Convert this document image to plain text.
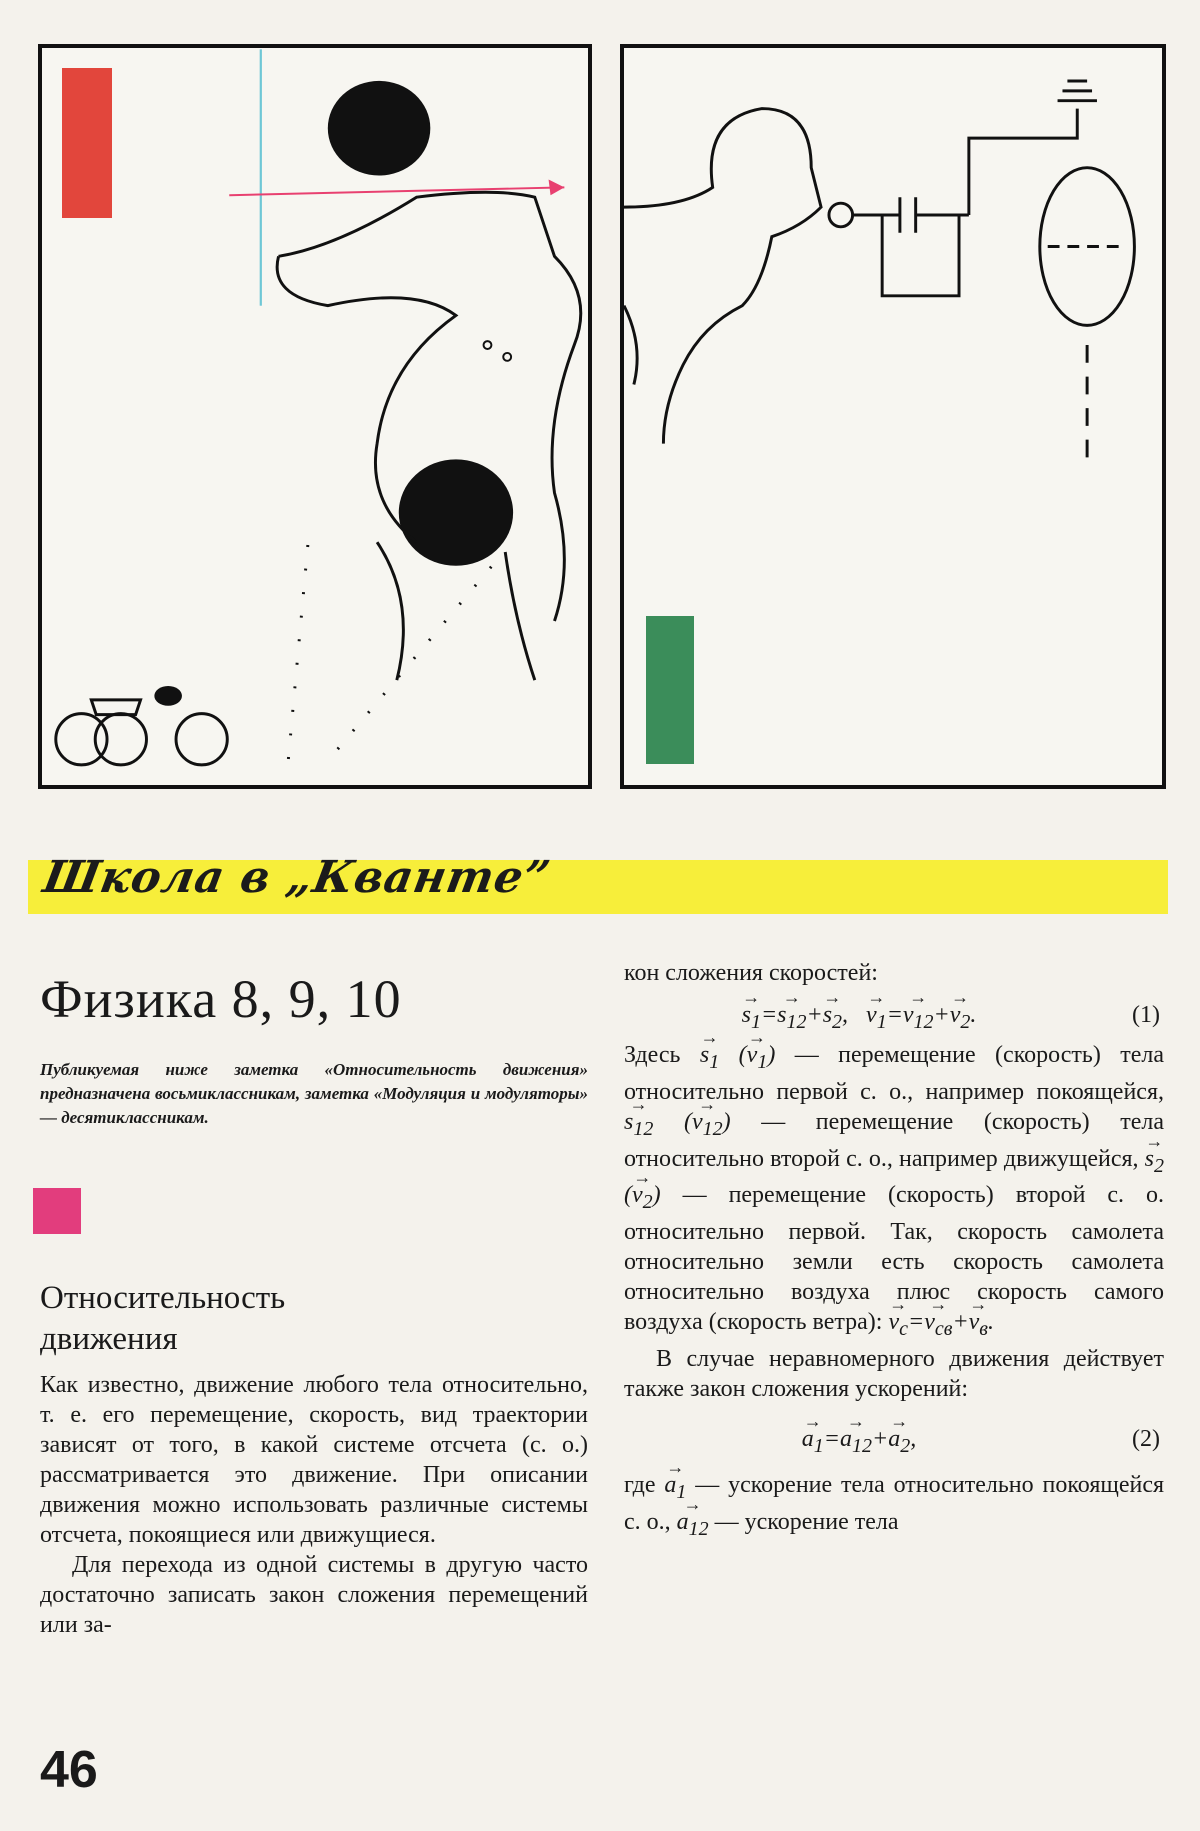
Школа в „Кванте”
Физика 8, 9, 10
Публикуемая ниже заметка «Относительность движения» предназначена восьмиклассникам, заметка «Модуляция и модуляторы» — десятиклассникам.
Относительность
движения

Как известно, движение любого тела относительно, т. е. его перемещение, скорость, вид траектории зависят от того, в какой системе отсчета (с. о.) рассматривается это движение. При описании движения можно использовать различные системы отсчета, покоящиеся или движущиеся.

Для перехода из одной системы в другую часто достаточно записать закон сложения перемещений или за-

кон сложения скоростей:

→ $s_1=\to s_{12}+\to s_2$,   → $v_1=\to v_{12}+\to v_2$.	(1)

Здесь → $s_1$ (→ $v_1$) — перемещение (скорость) тела относительно первой с. о., например покоящейся, → $s_{12}$ (→ $v_{12}$) — перемещение (скорость) тела относительно второй с. о., например движущейся, → $s_2$ (→ $v_2$) — перемещение (скорость) второй с. о. относительно первой. Так, скорость самолета относительно земли есть скорость самолета относительно воздуха плюс скорость самого воздуха (скорость ветра): → $v_с=\to v_{св}+\to v_в$.

В случае неравномерного движения действует также закон сложения ускорений:

→ $a_1=\to a_{12}+\to a_2$,	(2)

где → $a_1$ — ускорение тела относительно покоящейся с. о., → $a_{12}$ — ускорение тела

46
